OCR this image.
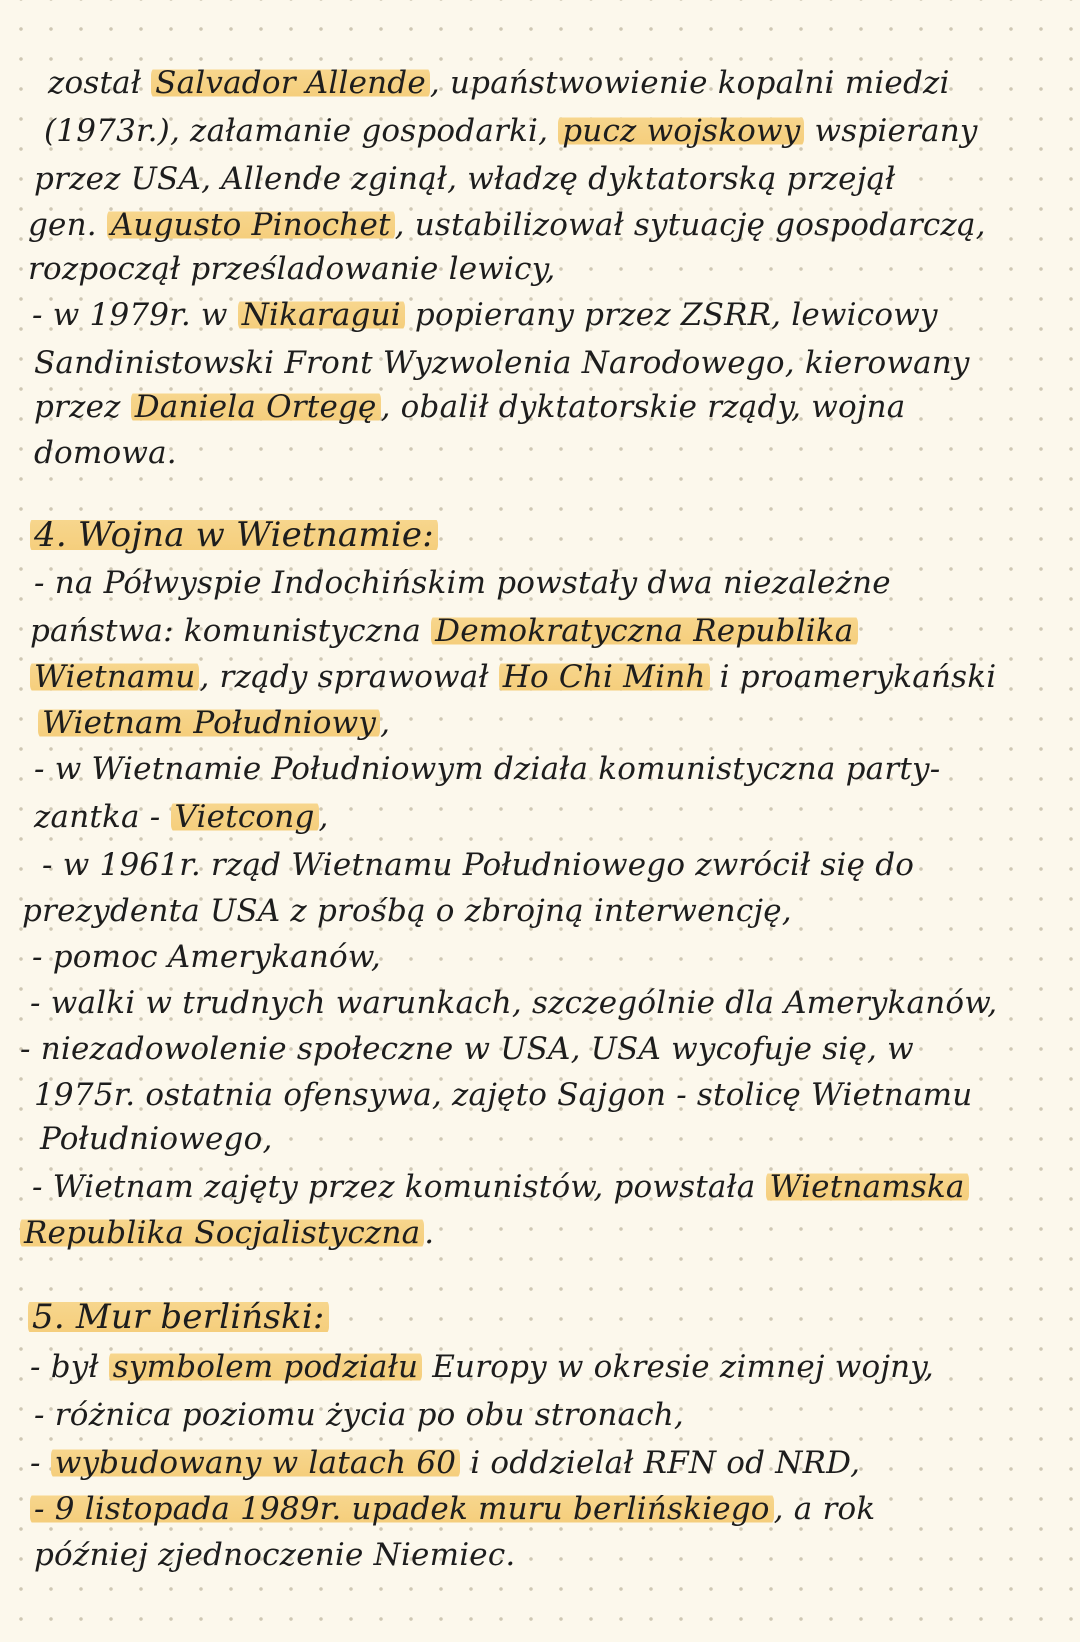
został Salvador Allende , upaństwowienie kopalni miedzi
(1973r.), załamanie gospodarki, pucz wojskowy wspierany
przez USA, Allende zginął, władzę dyktatorską przejął
gen. Augusto Pinochet , ustabilizował sytuację gospodarczą,
rozpoczął prześladowanie lewicy,
- w 1979r. w Nikaragui popierany przez ZSRR, lewicowy
Sandinistowski Front Wyzwolenia Narodowego, kierowany
przez Daniela Ortegę , obalił dyktatorskie rządy, wojna
domowa.
4. Wojna w Wietnamie:
- na Półwyspie Indochińskim powstały dwa niezależne
państwa: komunistyczna Demokratyczna Republika
Wietnamu , rządy sprawował Ho Chi Minh i proamerykański
Wietnam Południowy ,
- w Wietnamie Południowym działa komunistyczna party-
zantka - Vietcong ,
- w 1961r. rząd Wietnamu Południowego zwrócił się do
prezydenta USA z prośbą o zbrojną interwencję,
- pomoc Amerykanów,
- walki w trudnych warunkach, szczególnie dla Amerykanów,
- niezadowolenie społeczne w USA, USA wycofuje się, w
1975r. ostatnia ofensywa, zajęto Sajgon - stolicę Wietnamu
Południowego,
- Wietnam zajęty przez komunistów, powstała Wietnamska
Republika Socjalistyczna .
5. Mur berliński:
- był symbolem podziału Europy w okresie zimnej wojny,
- różnica poziomu życia po obu stronach,
- wybudowany w latach 60 i oddzielał RFN od NRD,
- 9 listopada 1989r. upadek muru berlińskiego , a rok
później zjednoczenie Niemiec.
